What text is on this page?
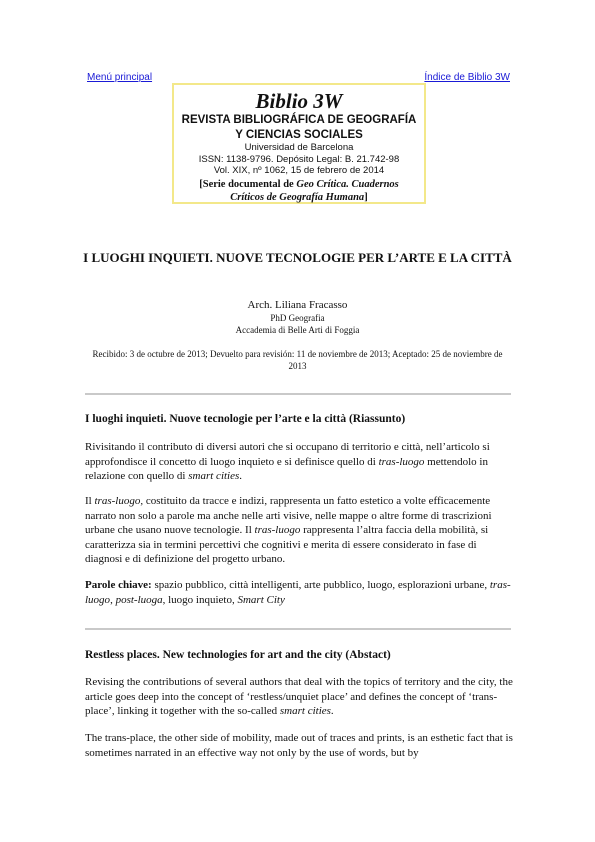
Menú principal	Índice de Biblio 3W
Biblio 3W
REVISTA BIBLIOGRÁFICA DE GEOGRAFÍA
Y CIENCIAS SOCIALES
Universidad de Barcelona
ISSN: 1138-9796. Depósito Legal: B. 21.742-98
Vol. XIX, nº 1062, 15 de febrero de 2014
[Serie documental de Geo Crítica. Cuadernos
Críticos de Geografía Humana]
I LUOGHI INQUIETI. NUOVE TECNOLOGIE PER L’ARTE E LA CITTÀ
Arch. Liliana Fracasso
PhD Geografia
Accademia di Belle Arti di Foggia
Recibido: 3 de octubre de 2013; Devuelto para revisión: 11 de noviembre de 2013; Aceptado: 25 de noviembre de 2013
I luoghi inquieti. Nuove tecnologie per l’arte e la città (Riassunto)

Rivisitando il contributo di diversi autori che si occupano di territorio e città, nell’articolo si approfondisce il concetto di luogo inquieto e si definisce quello di tras-luogo mettendolo in relazione con quello di smart cities.

Il tras-luogo, costituito da tracce e indizi, rappresenta un fatto estetico a volte efficacemente narrato non solo a parole ma anche nelle arti visive, nelle mappe o altre forme di trascrizioni urbane che usano nuove tecnologie. Il tras-luogo rappresenta l’altra faccia della mobilità, si caratterizza sia in termini percettivi che cognitivi e merita di essere considerato in fase di diagnosi e di definizione del progetto urbano.

Parole chiave: spazio pubblico, città intelligenti, arte pubblico, luogo, esplorazioni urbane, tras-luogo, post-luoga, luogo inquieto, Smart City

Restless places. New technologies for art and the city (Abstact)

Revising the contributions of several authors that deal with the topics of territory and the city, the article goes deep into the concept of ‘restless/unquiet place’ and defines the concept of ‘trans-place’, linking it together with the so-called smart cities.

The trans-place, the other side of mobility, made out of traces and prints, is an esthetic fact that is sometimes narrated in an effective way not only by the use of words, but by
